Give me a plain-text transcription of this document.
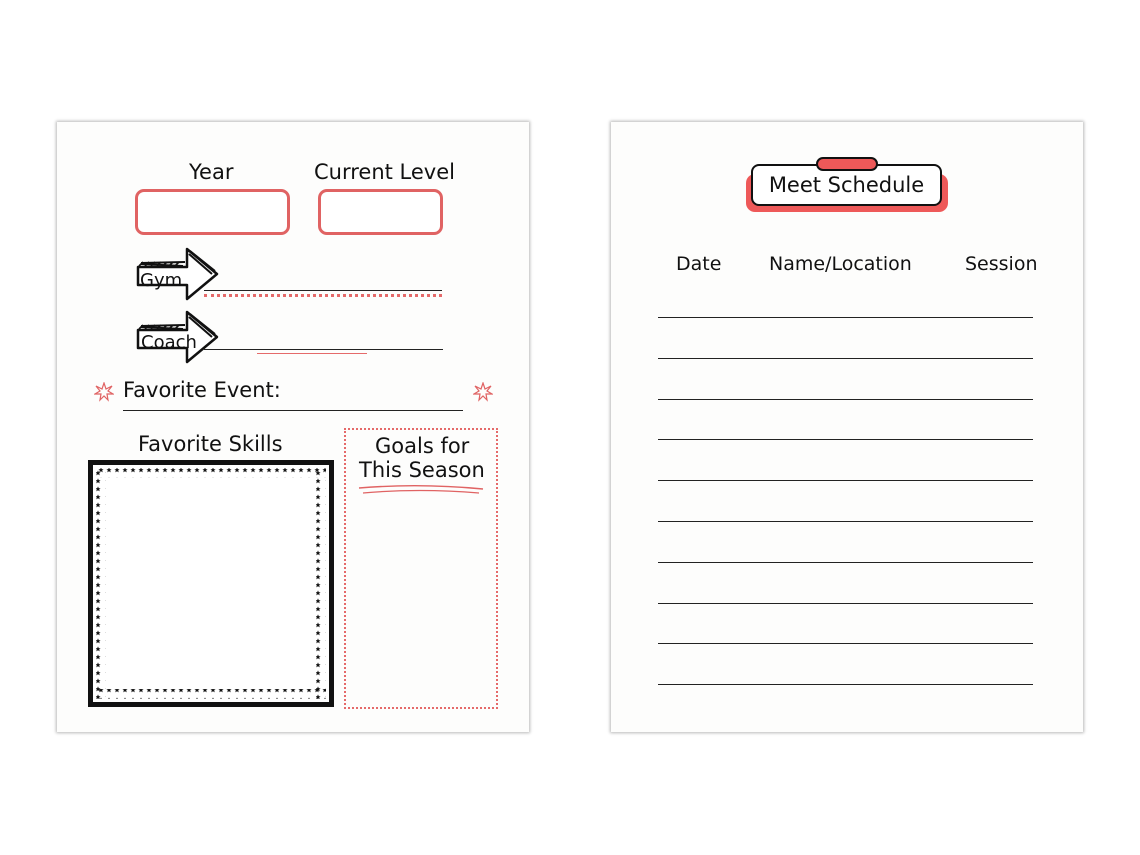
Year	Current Level
Gym
Coach
Favorite Event:
Favorite Skills	Goals for
This Season
Meet Schedule
Date	Name/Location	Session
